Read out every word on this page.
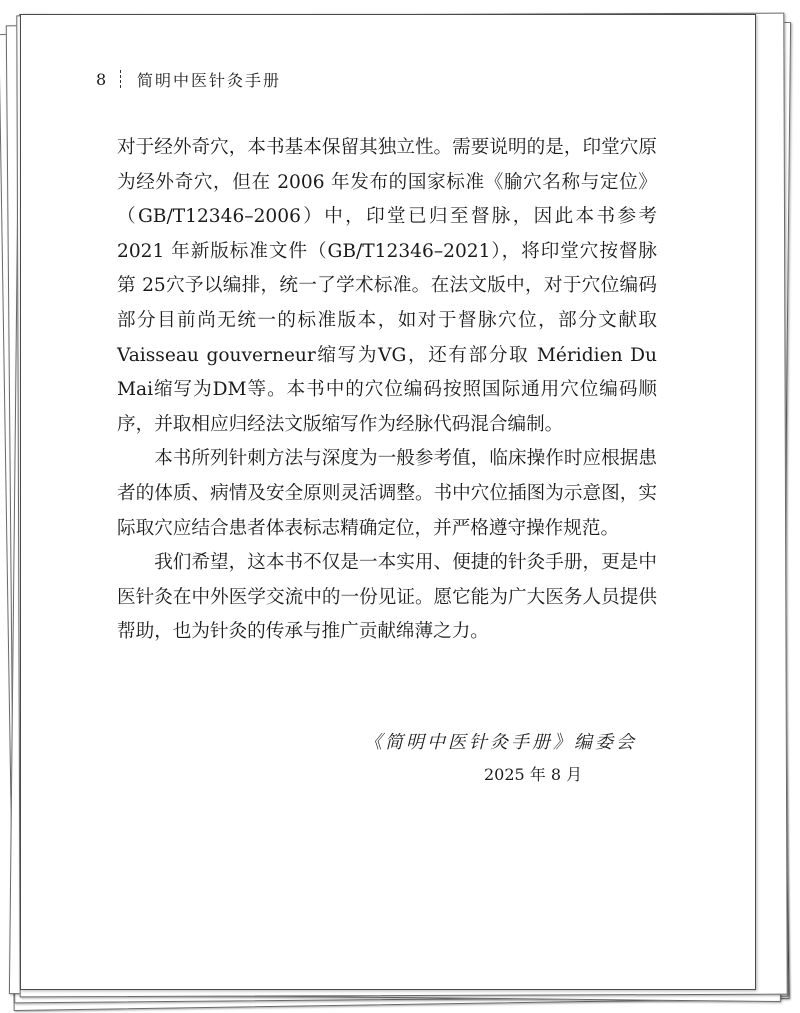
8	简明中医针灸手册

对于经外奇穴，本书基本保留其独立性。需要说明的是，印堂穴原为经外奇穴，但在 2006 年发布的国家标准《腧穴名称与定位》（GB/T12346–2006）中，印堂已归至督脉，因此本书参考 2021 年新版标准文件（GB/T12346–2021），将印堂穴按督脉第 25穴予以编排，统一了学术标准。在法文版中，对于穴位编码部分目前尚无统一的标准版本，如对于督脉穴位，部分文献取 Vaisseau gouverneur缩写为VG，还有部分取 Méridien Du Mai缩写为DM等。本书中的穴位编码按照国际通用穴位编码顺序，并取相应归经法文版缩写作为经脉代码混合编制。

本书所列针刺方法与深度为一般参考值，临床操作时应根据患者的体质、病情及安全原则灵活调整。书中穴位插图为示意图，实际取穴应结合患者体表标志精确定位，并严格遵守操作规范。

我们希望，这本书不仅是一本实用、便捷的针灸手册，更是中医针灸在中外医学交流中的一份见证。愿它能为广大医务人员提供帮助，也为针灸的传承与推广贡献绵薄之力。

《简明中医针灸手册》编委会
2025 年 8 月
